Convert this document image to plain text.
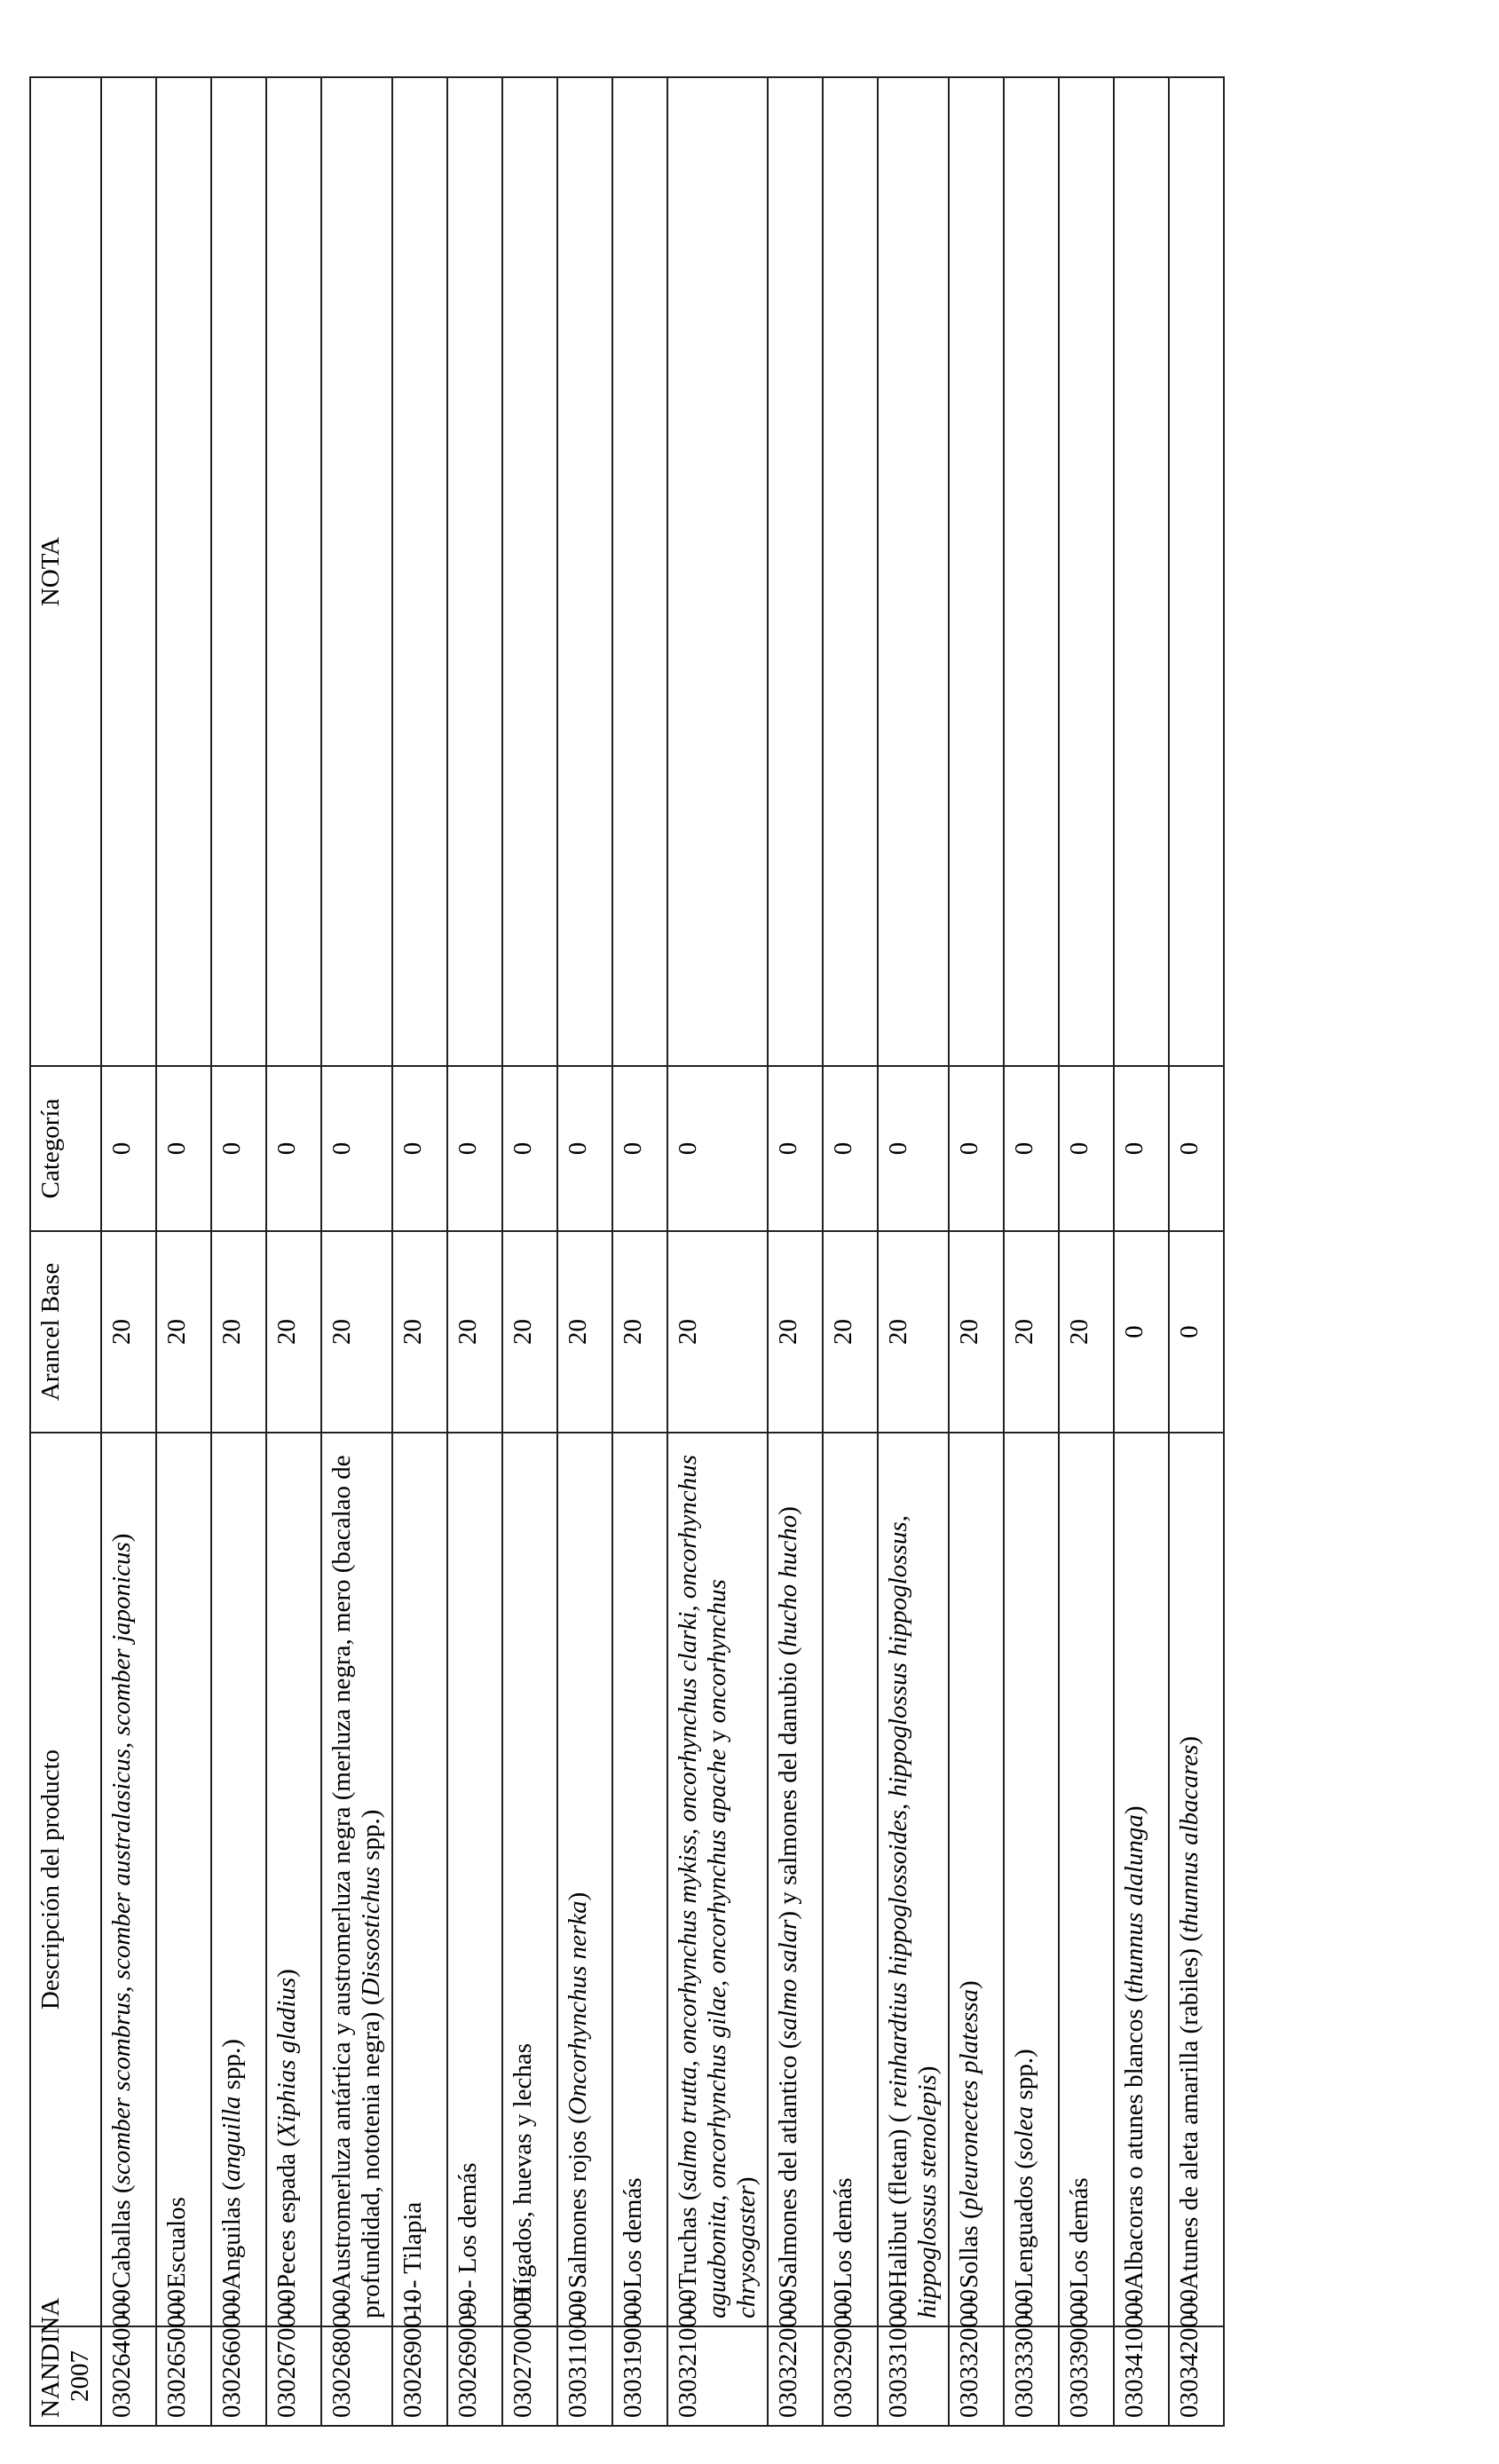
NANDINA 2007	Descripción del producto	Arancel Base	Categoría	NOTA
0302640000	- - Caballas (scomber scombrus, scomber australasicus, scomber japonicus)	20	0	
0302650000	- - Escualos	20	0	
0302660000	- - Anguilas (anguilla spp.)	20	0	
0302670000	- - Peces espada (Xiphias gladius)	20	0	
0302680000	- - Austromerluza antártica y austromerluza negra (merluza negra, mero (bacalao de profundidad, nototenia negra) (Dissostichus spp.)	20	0	
0302690010	- - - Tilapia	20	0	
0302690090	- - - Los demás	20	0	
0302700000	- Hígados, huevas y lechas	20	0	
0303110000	- - Salmones rojos (Oncorhynchus nerka)	20	0	
0303190000	- - Los demás	20	0	
0303210000	- - Truchas (salmo trutta, oncorhynchus mykiss, oncorhynchus clarki, oncorhynchus aguabonita, oncorhynchus gilae, oncorhynchus apache y oncorhynchus chrysogaster)	20	0	
0303220000	- - Salmones del atlantico (salmo salar) y salmones del danubio (hucho hucho)	20	0	
0303290000	- - Los demás	20	0	
0303310000	- - Halibut (fletan) ( reinhardtius hippoglossoides, hippoglossus hippoglossus, hippoglossus stenolepis)	20	0	
0303320000	- - Sollas (pleuronectes platessa)	20	0	
0303330000	- - Lenguados (solea spp.)	20	0	
0303390000	- - Los demás	20	0	
0303410000	- - Albacoras o atunes blancos (thunnus alalunga)	0	0	
0303420000	- - Atunes de aleta amarilla (rabiles) (thunnus albacares)	0	0	
